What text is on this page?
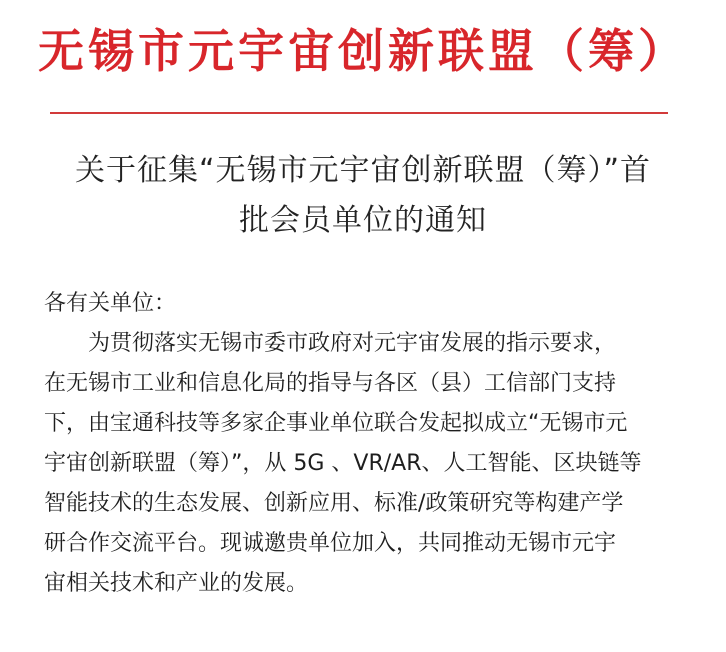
无锡市元宇宙创新联盟（筹）
关于征集“无锡市元宇宙创新联盟（筹）”首
批会员单位的通知
各有关单位：
为贯彻落实无锡市委市政府对元宇宙发展的指示要求，
在无锡市工业和信息化局的指导与各区（县）工信部门支持
下，由宝通科技等多家企事业单位联合发起拟成立“无锡市元
宇宙创新联盟（筹）”，从 5G 、VR/AR、人工智能、区块链等
智能技术的生态发展、创新应用、标准/政策研究等构建产学
研合作交流平台。现诚邀贵单位加入，共同推动无锡市元宇
宙相关技术和产业的发展。
